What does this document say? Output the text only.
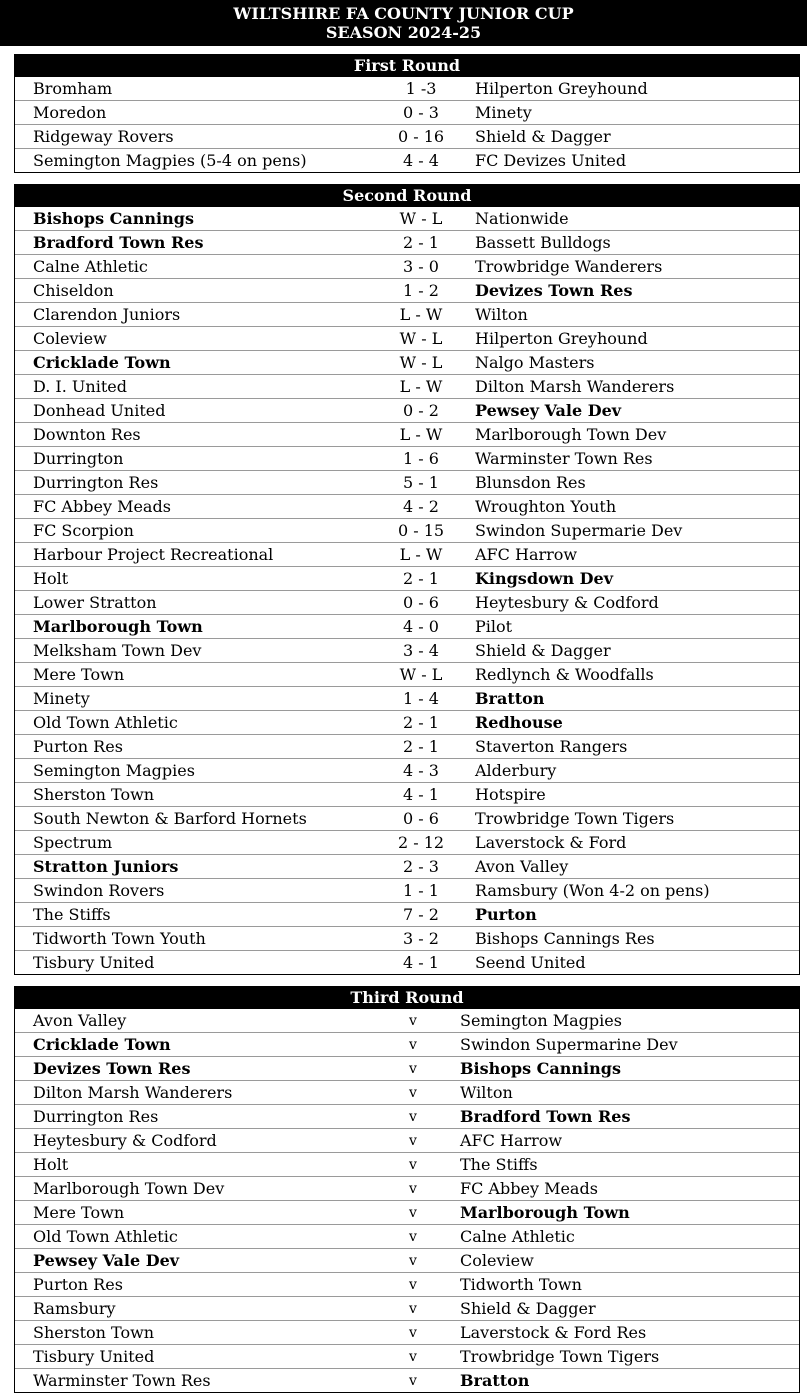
WILTSHIRE FA COUNTY JUNIOR CUP
SEASON 2024-25
First Round
Bromham	1 -3	Hilperton Greyhound
Moredon	0 - 3	Minety
Ridgeway Rovers	0 - 16	Shield & Dagger
Semington Magpies (5-4 on pens)	4 - 4	FC Devizes United
Second Round
Bishops Cannings	W - L	Nationwide
Bradford Town Res	2 - 1	Bassett Bulldogs
Calne Athletic	3 - 0	Trowbridge Wanderers
Chiseldon	1 - 2	Devizes Town Res
Clarendon Juniors	L - W	Wilton
Coleview	W - L	Hilperton Greyhound
Cricklade Town	W - L	Nalgo Masters
D. I. United	L - W	Dilton Marsh Wanderers
Donhead United	0 - 2	Pewsey Vale Dev
Downton Res	L - W	Marlborough Town Dev
Durrington	1 - 6	Warminster Town Res
Durrington Res	5 - 1	Blunsdon Res
FC Abbey Meads	4 - 2	Wroughton Youth
FC Scorpion	0 - 15	Swindon Supermarie Dev
Harbour Project Recreational	L - W	AFC Harrow
Holt	2 - 1	Kingsdown Dev
Lower Stratton	0 - 6	Heytesbury & Codford
Marlborough Town	4 - 0	Pilot
Melksham Town Dev	3 - 4	Shield & Dagger
Mere Town	W - L	Redlynch & Woodfalls
Minety	1 - 4	Bratton
Old Town Athletic	2 - 1	Redhouse
Purton Res	2 - 1	Staverton Rangers
Semington Magpies	4 - 3	Alderbury
Sherston Town	4 - 1	Hotspire
South Newton & Barford Hornets	0 - 6	Trowbridge Town Tigers
Spectrum	2 - 12	Laverstock & Ford
Stratton Juniors	2 - 3	Avon Valley
Swindon Rovers	1 - 1	Ramsbury (Won 4-2 on pens)
The Stiffs	7 - 2	Purton
Tidworth Town Youth	3 - 2	Bishops Cannings Res
Tisbury United	4 - 1	Seend United
Third Round
Avon Valley	v	Semington Magpies
Cricklade Town	v	Swindon Supermarine Dev
Devizes Town Res	v	Bishops Cannings
Dilton Marsh Wanderers	v	Wilton
Durrington Res	v	Bradford Town Res
Heytesbury & Codford	v	AFC Harrow
Holt	v	The Stiffs
Marlborough Town Dev	v	FC Abbey Meads
Mere Town	v	Marlborough Town
Old Town Athletic	v	Calne Athletic
Pewsey Vale Dev	v	Coleview
Purton Res	v	Tidworth Town
Ramsbury	v	Shield & Dagger
Sherston Town	v	Laverstock & Ford Res
Tisbury United	v	Trowbridge Town Tigers
Warminster Town Res	v	Bratton
